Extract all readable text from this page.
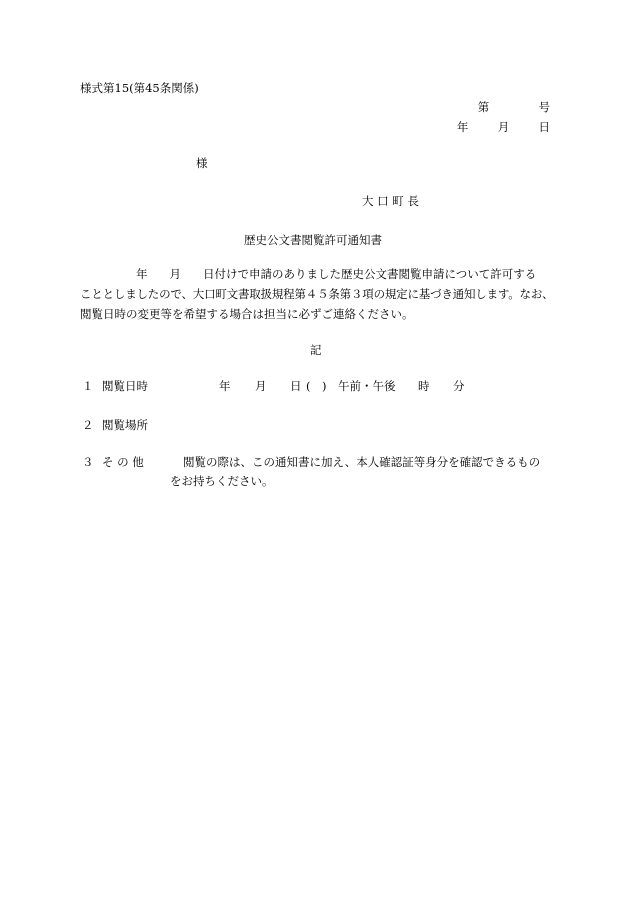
様式第15(第45条関係)
第	号
年	月	日
様
大 口 町 長
歴史公文書閲覧許可通知書
年 月 日付けで申請のありました歴史公文書閲覧申請について許可する
こととしましたので、大口町文書取扱規程第４５条第３項の規定に基づき通知します。なお、
閲覧日時の変更等を希望する場合は担当に必ずご連絡ください。
記
１ 閲覧日時	年 月 日 (　) 午前・午後 時 分
２ 閲覧場所
３ そ の 他	閲覧の際は、この通知書に加え、本人確認証等身分を確認できるもの
をお持ちください。
